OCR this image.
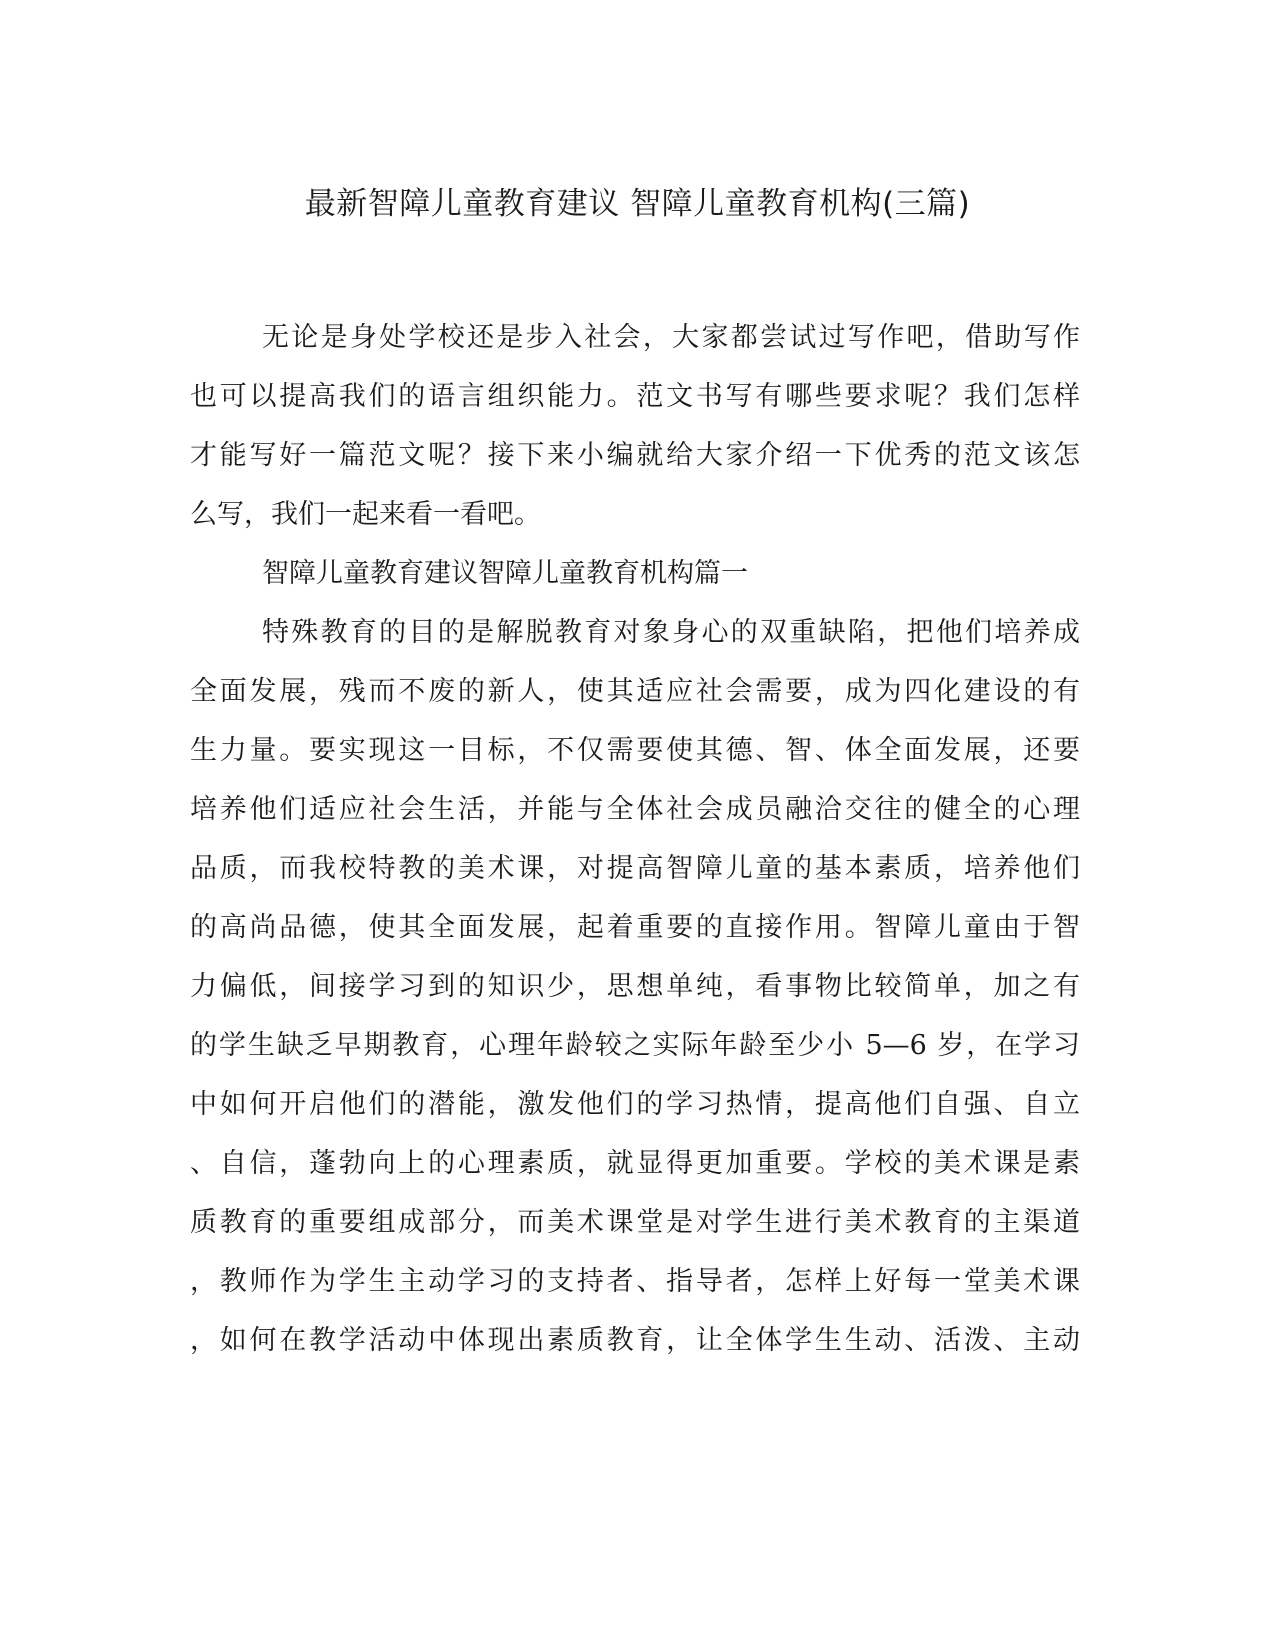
最新智障儿童教育建议 智障儿童教育机构(三篇)
无论是身处学校还是步入社会，大家都尝试过写作吧，借助写作
也可以提高我们的语言组织能力。范文书写有哪些要求呢？我们怎样
才能写好一篇范文呢？接下来小编就给大家介绍一下优秀的范文该怎
么写，我们一起来看一看吧。
智障儿童教育建议智障儿童教育机构篇一
特殊教育的目的是解脱教育对象身心的双重缺陷，把他们培养成
全面发展，残而不废的新人，使其适应社会需要，成为四化建设的有
生力量。要实现这一目标，不仅需要使其德、智、体全面发展，还要
培养他们适应社会生活，并能与全体社会成员融洽交往的健全的心理
品质，而我校特教的美术课，对提高智障儿童的基本素质，培养他们
的高尚品德，使其全面发展，起着重要的直接作用。智障儿童由于智
力偏低，间接学习到的知识少，思想单纯，看事物比较简单，加之有
的学生缺乏早期教育，心理年龄较之实际年龄至少小 5—6 岁，在学习
中如何开启他们的潜能，激发他们的学习热情，提高他们自强、自立
、自信，蓬勃向上的心理素质，就显得更加重要。学校的美术课是素
质教育的重要组成部分，而美术课堂是对学生进行美术教育的主渠道
，教师作为学生主动学习的支持者、指导者，怎样上好每一堂美术课
，如何在教学活动中体现出素质教育，让全体学生生动、活泼、主动
